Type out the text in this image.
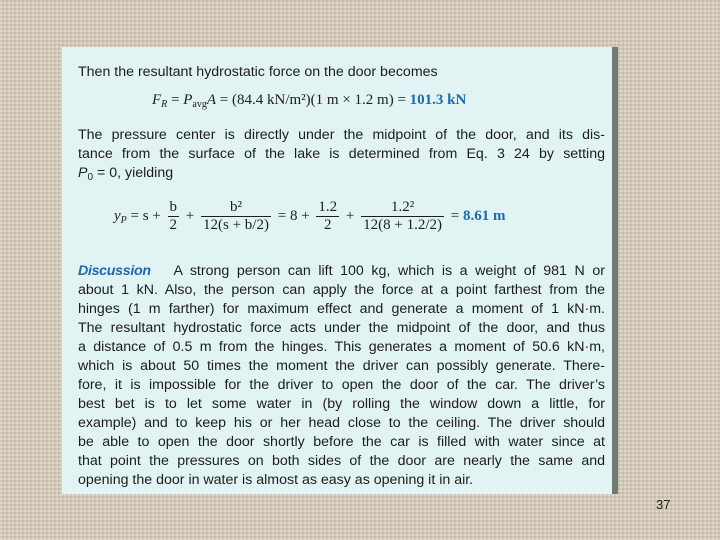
Then the resultant hydrostatic force on the door becomes
$F_R = P_{avg}A = (84.4$ kN/m²)(1 m × 1.2 m) = 101.3 kN
The pressure center is directly under the midpoint of the door, and its dis-
tance from the surface of the lake is determined from Eq. 3 24 by setting
$P_0 = 0$, yielding
$y_P = s + \frac{b}{2} + \frac{\text{b²}}{12(s + b/2)} = 8 + \frac{1.2}{2} + \frac{\text{1.2²}}{12(8 + 1.2/2)} = 8.61$ m
Discussion A strong person can lift 100 kg, which is a weight of 981 N or
about 1 kN. Also, the person can apply the force at a point farthest from the
hinges (1 m farther) for maximum effect and generate a moment of 1 kN·m.
The resultant hydrostatic force acts under the midpoint of the door, and thus
a distance of 0.5 m from the hinges. This generates a moment of 50.6 kN·m,
which is about 50 times the moment the driver can possibly generate. There-
fore, it is impossible for the driver to open the door of the car. The driver’s
best bet is to let some water in (by rolling the window down a little, for
example) and to keep his or her head close to the ceiling. The driver should
be able to open the door shortly before the car is filled with water since at
that point the pressures on both sides of the door are nearly the same and
opening the door in water is almost as easy as opening it in air.
37
